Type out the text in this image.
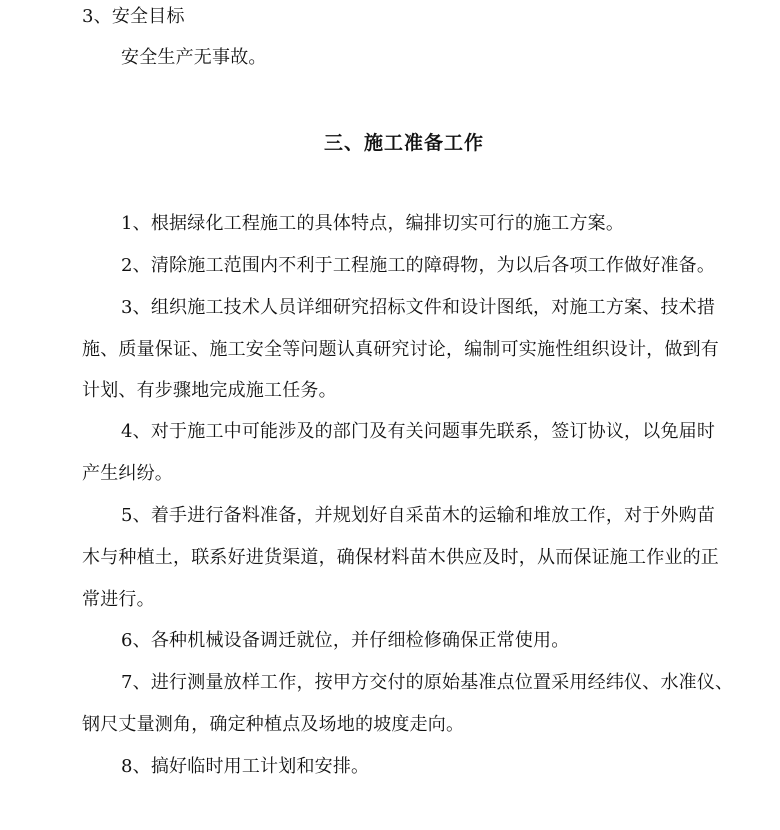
3、安全目标
安全生产无事故。
三、施工准备工作
1、根据绿化工程施工的具体特点，编排切实可行的施工方案。
2、清除施工范围内不利于工程施工的障碍物，为以后各项工作做好准备。
3、组织施工技术人员详细研究招标文件和设计图纸，对施工方案、技术措
施、质量保证、施工安全等问题认真研究讨论，编制可实施性组织设计，做到有
计划、有步骤地完成施工任务。
4、对于施工中可能涉及的部门及有关问题事先联系，签订协议，以免届时
产生纠纷。
5、着手进行备料准备，并规划好自采苗木的运输和堆放工作，对于外购苗
木与种植土，联系好进货渠道，确保材料苗木供应及时，从而保证施工作业的正
常进行。
6、各种机械设备调迁就位，并仔细检修确保正常使用。
7、进行测量放样工作，按甲方交付的原始基准点位置采用经纬仪、水准仪、
钢尺丈量测角，确定种植点及场地的坡度走向。
8、搞好临时用工计划和安排。
